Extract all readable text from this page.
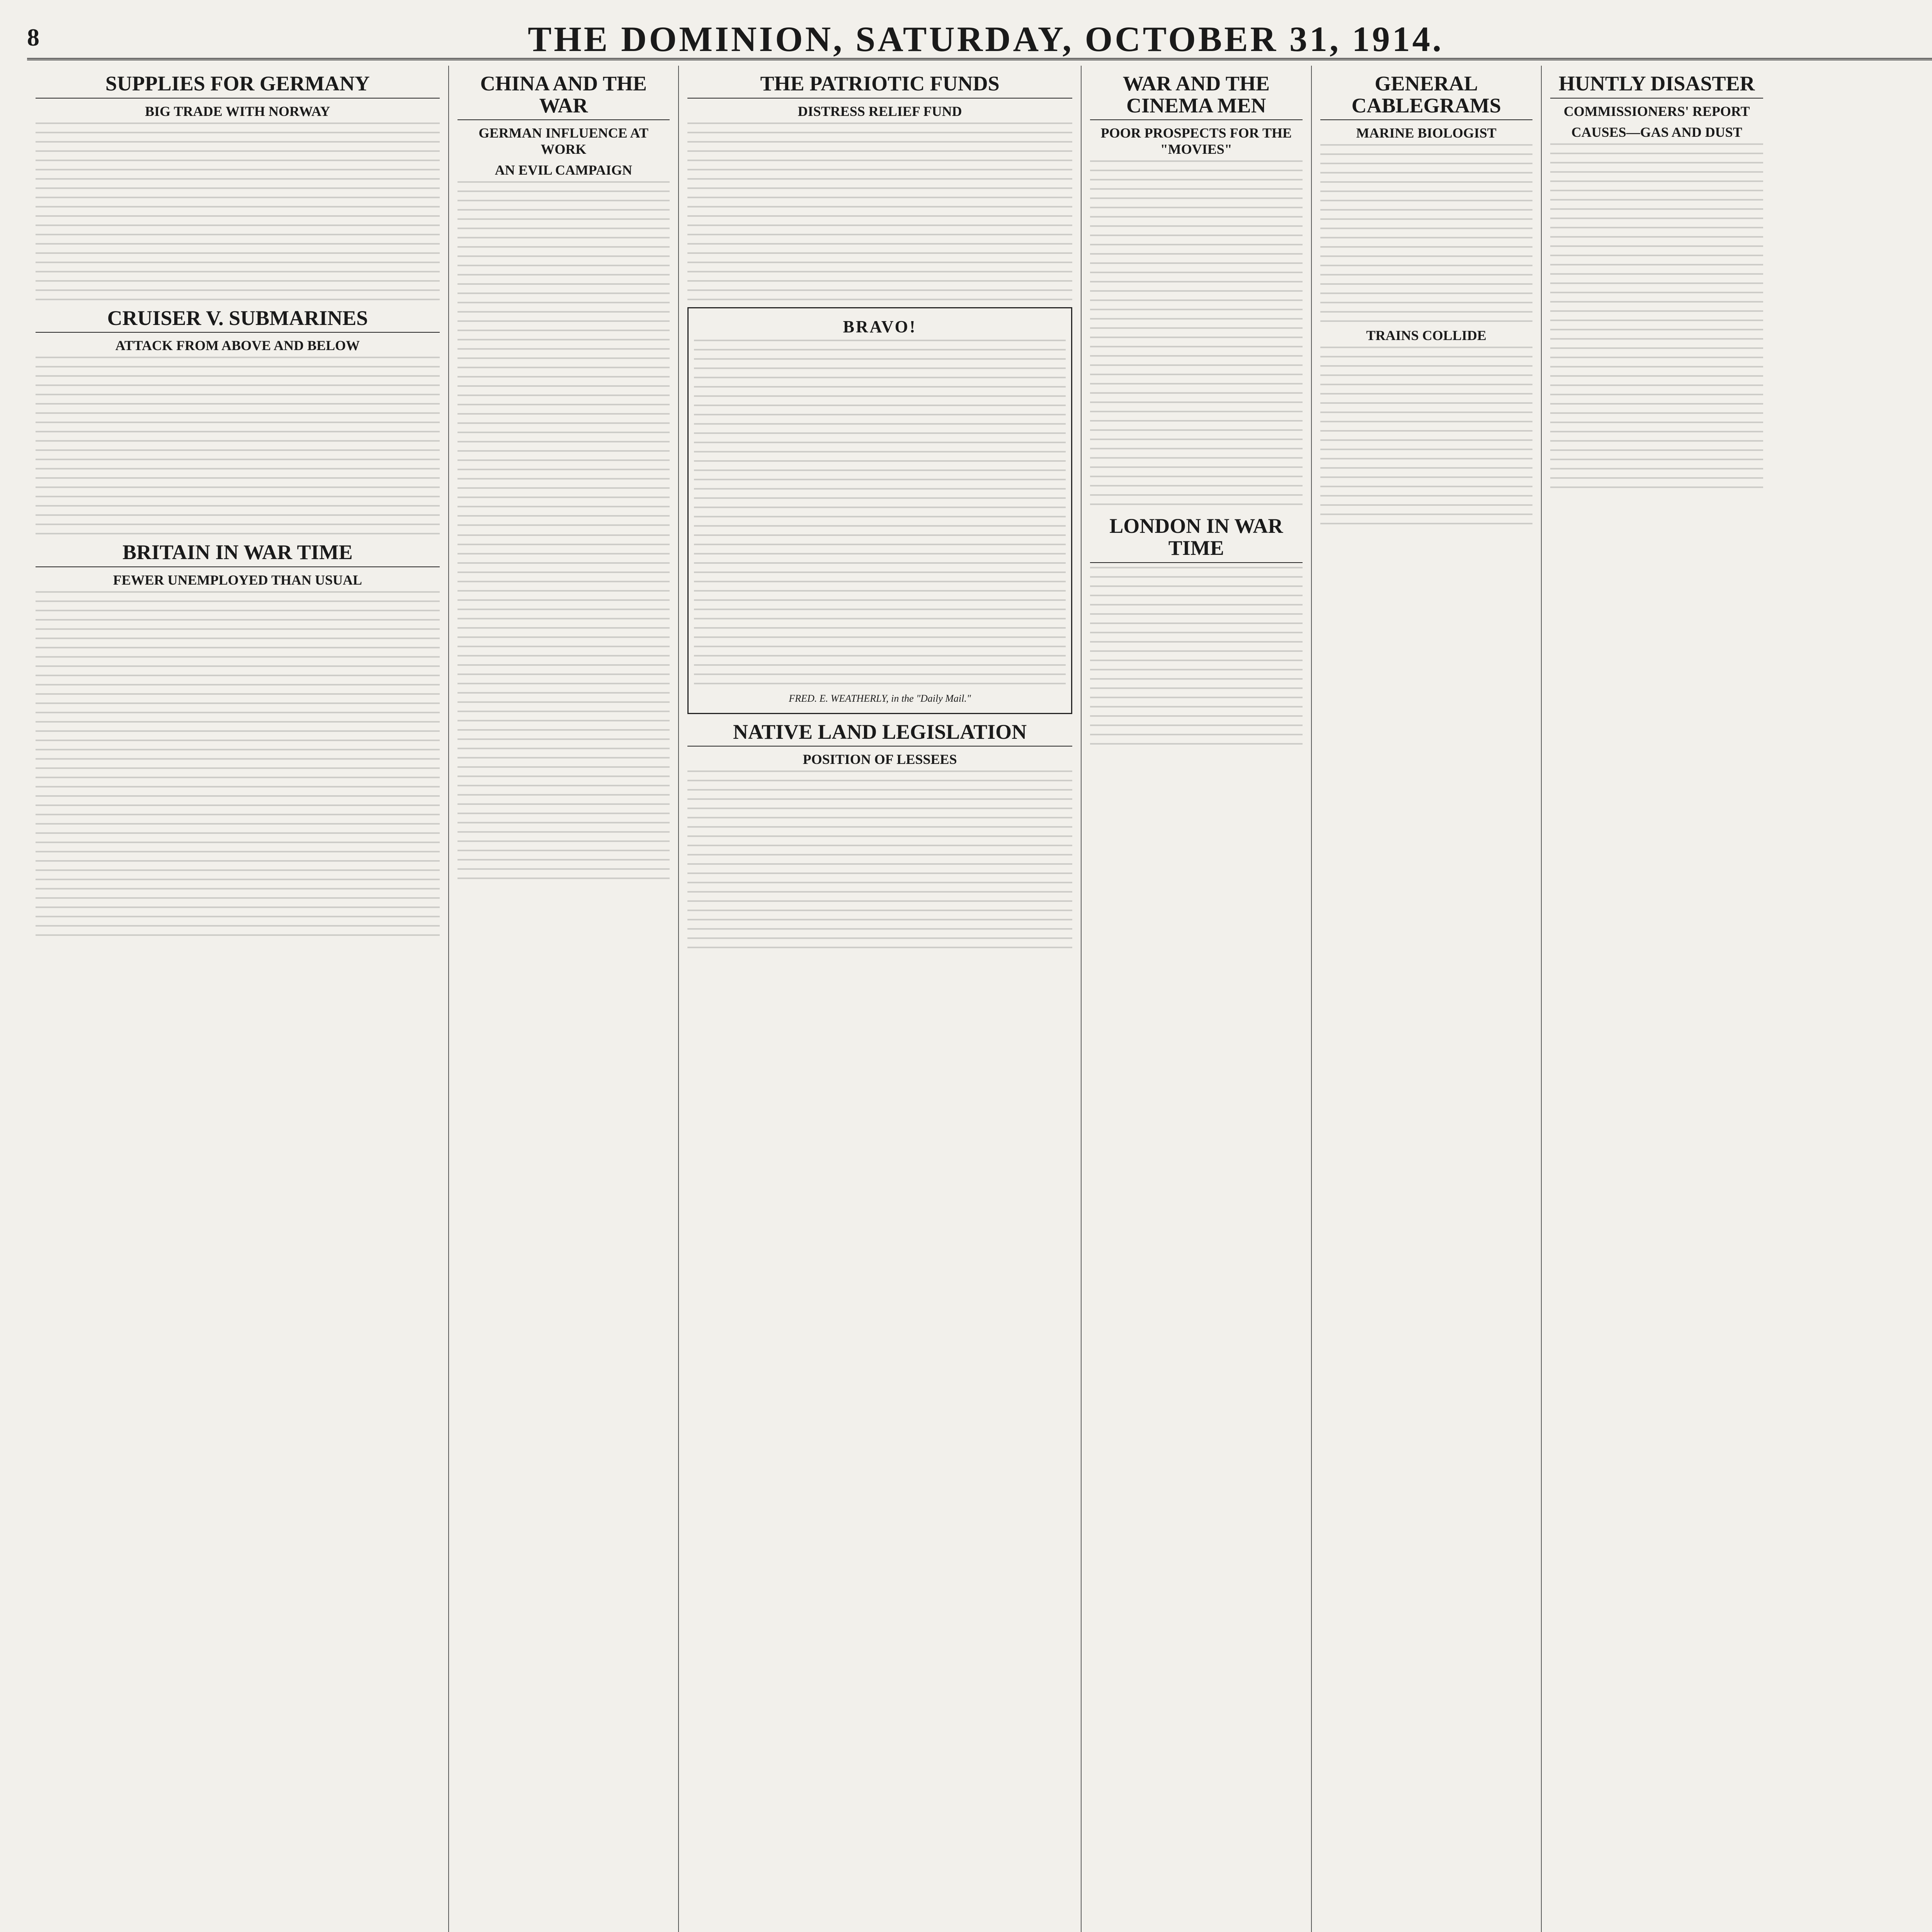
8	THE DOMINION, SATURDAY, OCTOBER 31, 1914.
SUPPLIES FOR GERMANY
BIG TRADE WITH NORWAY
CRUISER V. SUBMARINES
ATTACK FROM ABOVE AND BELOW
BRITAIN IN WAR TIME
FEWER UNEMPLOYED THAN USUAL
CHINA AND THE WAR
GERMAN INFLUENCE AT WORK
AN EVIL CAMPAIGN
THE PATRIOTIC FUNDS
DISTRESS RELIEF FUND
BRAVO!
FRED. E. WEATHERLY, in the "Daily Mail."
NATIVE LAND LEGISLATION
POSITION OF LESSEES
WAR AND THE CINEMA MEN
POOR PROSPECTS FOR THE "MOVIES"
LONDON IN WAR TIME
GENERAL CABLEGRAMS
MARINE BIOLOGIST
TRAINS COLLIDE
HUNTLY DISASTER
COMMISSIONERS' REPORT
CAUSES—GAS AND DUST
